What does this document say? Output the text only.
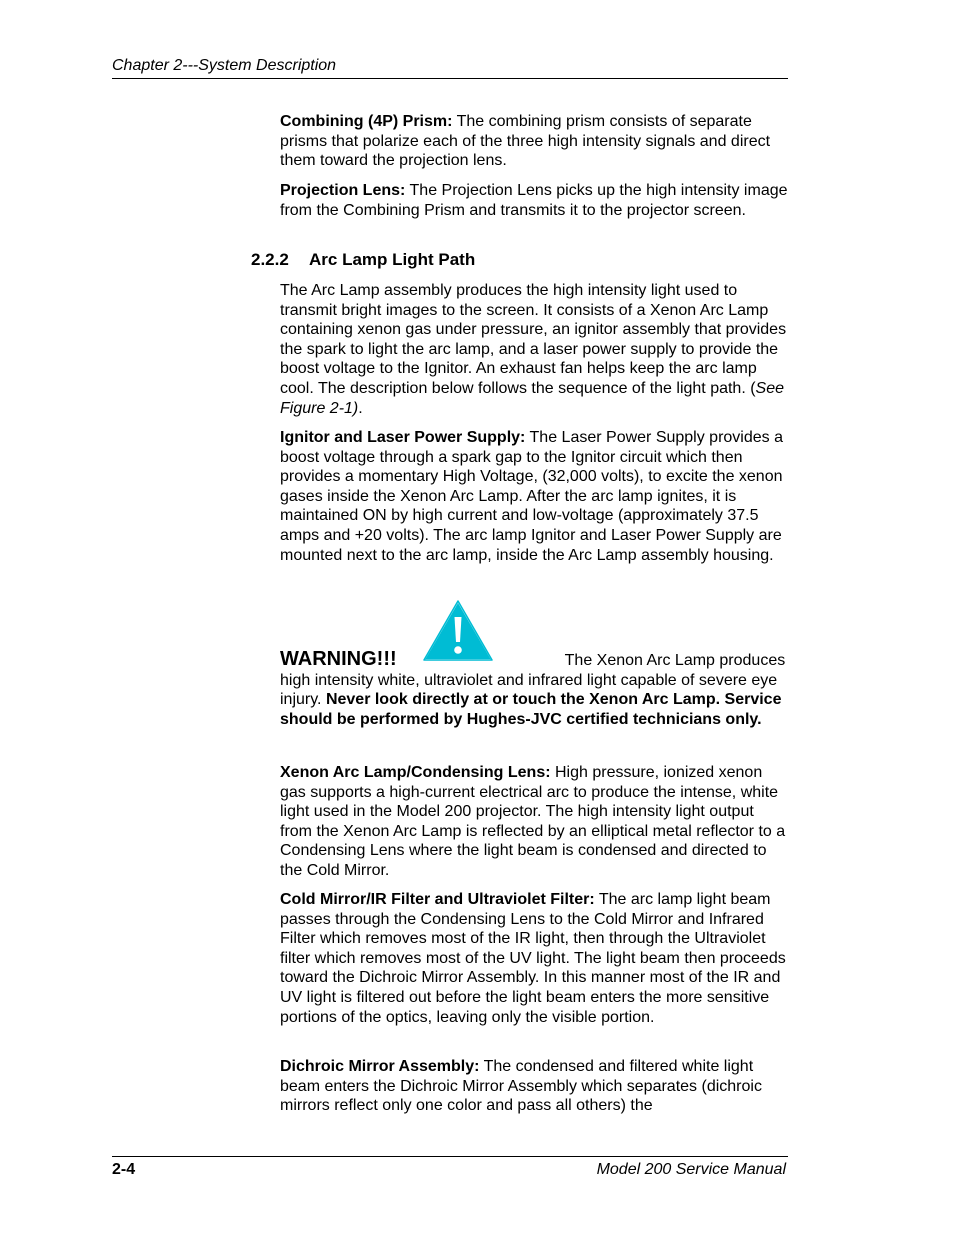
Chapter 2---System Description

Combining (4P) Prism: The combining prism consists of separate prisms that polarize each of the three high intensity signals and direct them toward the projection lens.

Projection Lens: The Projection Lens picks up the high intensity image from the Combining Prism and transmits it to the projector screen.

2.2.2 Arc Lamp Light Path

The Arc Lamp assembly produces the high intensity light used to transmit bright images to the screen. It consists of a Xenon Arc Lamp containing xenon gas under pressure, an ignitor assembly that provides the spark to light the arc lamp, and a laser power supply to provide the boost voltage to the Ignitor. An exhaust fan helps keep the arc lamp cool. The description below follows the sequence of the light path. (See Figure 2-1).

Ignitor and Laser Power Supply: The Laser Power Supply provides a boost voltage through a spark gap to the Ignitor circuit which then provides a momentary High Voltage, (32,000 volts), to excite the xenon gases inside the Xenon Arc Lamp. After the arc lamp ignites, it is maintained ON by high current and low-voltage (approximately 37.5 amps and +20 volts). The arc lamp Ignitor and Laser Power Supply are mounted next to the arc lamp, inside the Arc Lamp assembly housing.

WARNING!!!	The Xenon Arc Lamp produces high intensity white, ultraviolet and infrared light capable of severe eye injury. Never look directly at or touch the Xenon Arc Lamp. Service should be performed by Hughes-JVC certified technicians only.

Xenon Arc Lamp/Condensing Lens: High pressure, ionized xenon gas supports a high-current electrical arc to produce the intense, white light used in the Model 200 projector. The high intensity light output from the Xenon Arc Lamp is reflected by an elliptical metal reflector to a Condensing Lens where the light beam is condensed and directed to the Cold Mirror.

Cold Mirror/IR Filter and Ultraviolet Filter: The arc lamp light beam passes through the Condensing Lens to the Cold Mirror and Infrared Filter which removes most of the IR light, then through the Ultraviolet filter which removes most of the UV light. The light beam then proceeds toward the Dichroic Mirror Assembly. In this manner most of the IR and UV light is filtered out before the light beam enters the more sensitive portions of the optics, leaving only the visible portion.

Dichroic Mirror Assembly: The condensed and filtered white light beam enters the Dichroic Mirror Assembly which separates (dichroic mirrors reflect only one color and pass all others) the

2-4	Model 200 Service Manual
